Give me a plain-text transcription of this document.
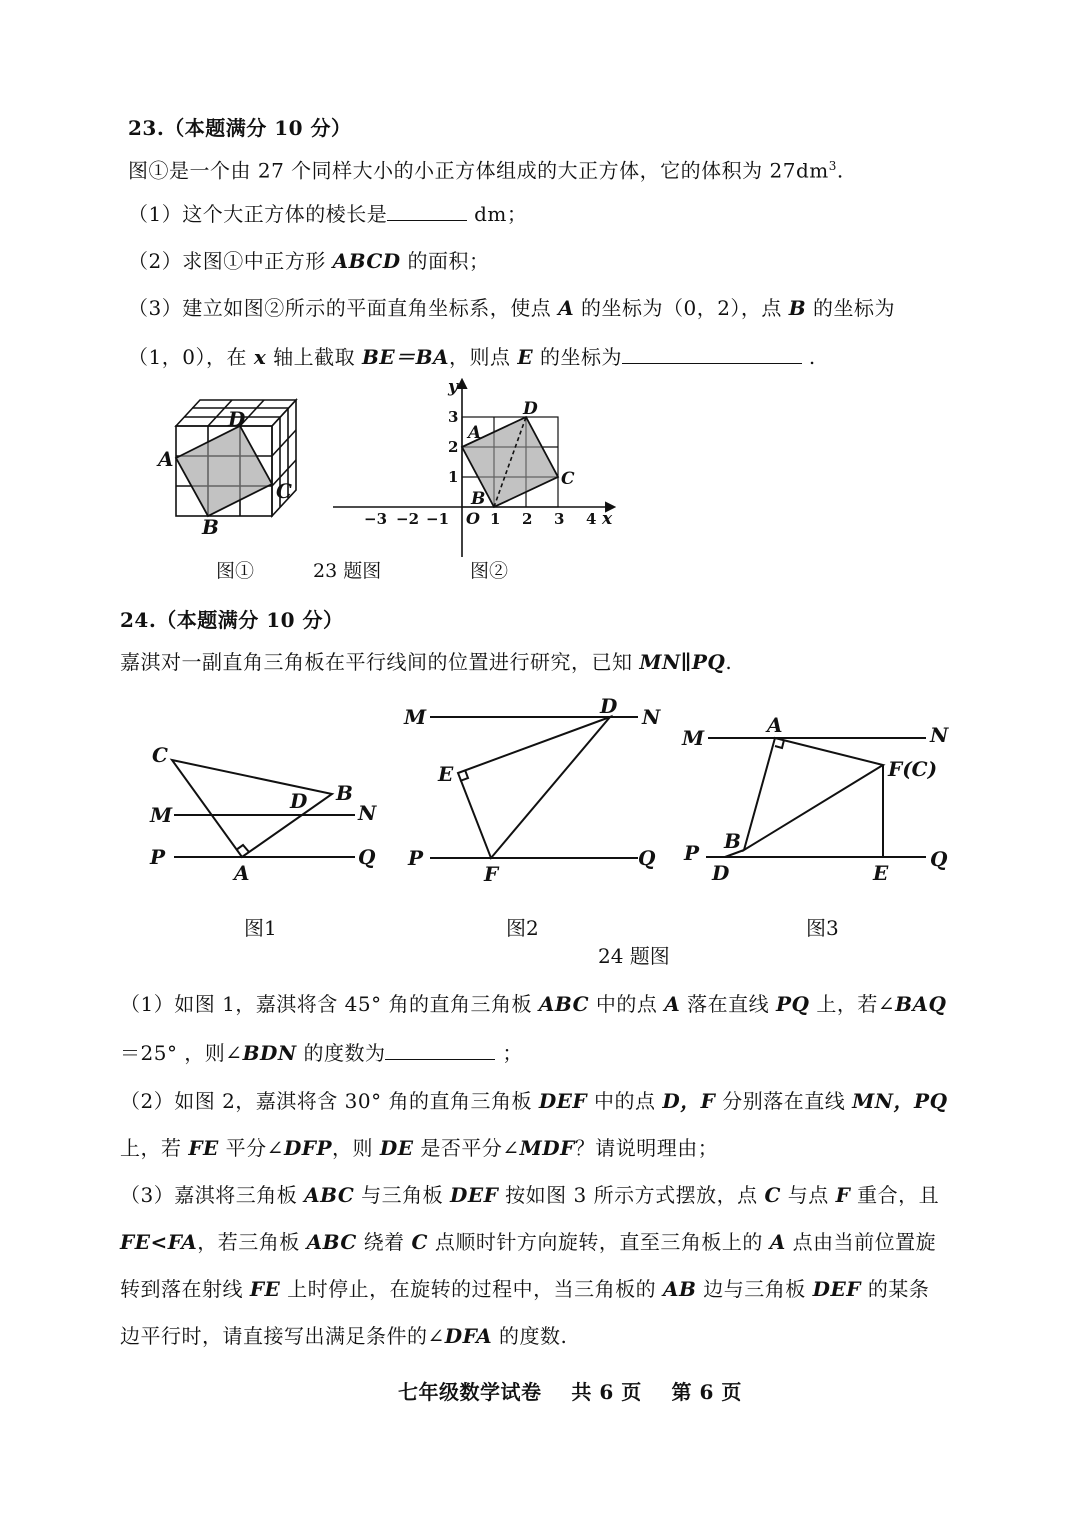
23.（本题满分 10 分）
图①是一个由 27 个同样大小的小正方体组成的大正方体，它的体积为 $27dm^3$.
（1）这个大正方体的棱长是	dm；
（2）求图①中正方形 ABCD 的面积；
（3）建立如图②所示的平面直角坐标系，使点 A 的坐标为（0，2），点 B 的坐标为
（1，0），在 x 轴上截取 BE＝BA，则点 E 的坐标为	.
A
B
C
D
y
x
O
−3 −2 −1	1 2 3 4
1
2
3
A
B
C
D
图①	23 题图	图②
24.（本题满分 10 分）
嘉淇对一副直角三角板在平行线间的位置进行研究，已知 MN∥PQ.
C
D B
M	N
P	Q
A
M	D N
E
P
F
Q
M
A	N
F(C)
B
P
D	E
Q
图1	图2	图3
24 题图
（1）如图 1，嘉淇将含 45° 角的直角三角板 ABC 中的点 A 落在直线 PQ 上，若∠BAQ
＝25° ，则∠BDN 的度数为	；
（2）如图 2，嘉淇将含 30° 角的直角三角板 DEF 中的点 D，F 分别落在直线 MN，PQ
上，若 FE 平分∠DFP，则 DE 是否平分∠MDF？请说明理由；
（3）嘉淇将三角板 ABC 与三角板 DEF 按如图 3 所示方式摆放，点 C 与点 F 重合，且
FE<FA，若三角板 ABC 绕着 C 点顺时针方向旋转，直至三角板上的 A 点由当前位置旋
转到落在射线 FE 上时停止，在旋转的过程中，当三角板的 AB 边与三角板 DEF 的某条
边平行时，请直接写出满足条件的∠DFA 的度数.
七年级数学试卷    共 6 页    第 6 页
